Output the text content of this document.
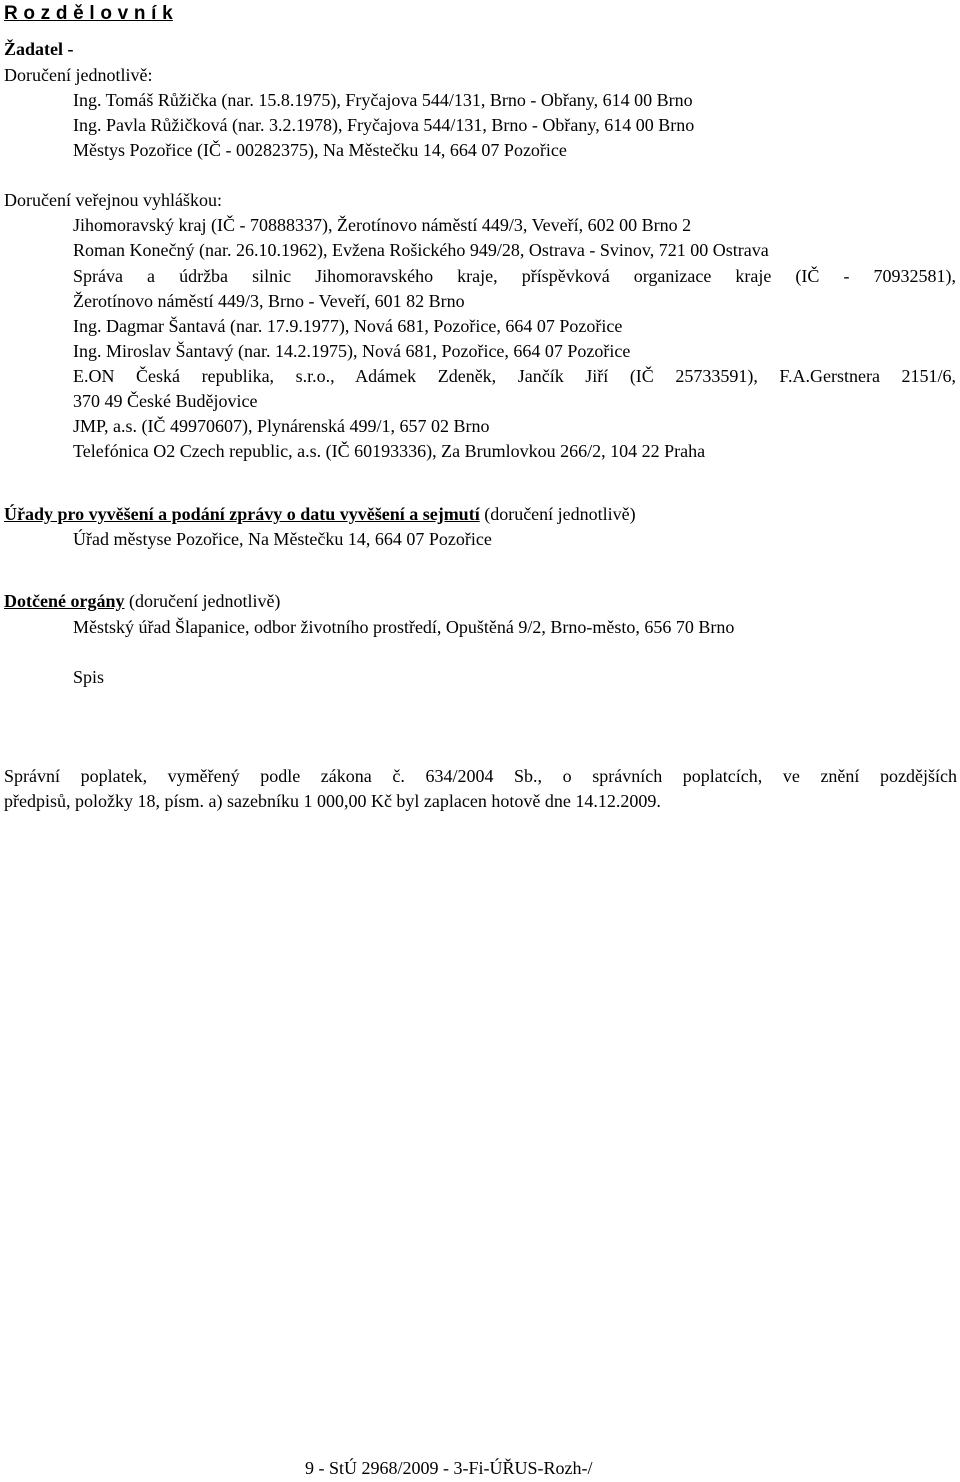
R o z d ě l o v n í k
Žadatel -
Doručení jednotlivě:
Ing. Tomáš Růžička (nar. 15.8.1975), Fryčajova 544/131, Brno - Obřany, 614 00 Brno
Ing. Pavla Růžičková (nar. 3.2.1978), Fryčajova 544/131, Brno - Obřany, 614 00 Brno
Městys Pozořice (IČ - 00282375), Na Městečku 14, 664 07 Pozořice
Doručení veřejnou vyhláškou:
Jihomoravský kraj (IČ - 70888337), Žerotínovo náměstí 449/3, Veveří, 602 00 Brno 2
Roman Konečný (nar. 26.10.1962), Evžena Rošického 949/28, Ostrava - Svinov, 721 00 Ostrava
Správa a údržba silnic Jihomoravského kraje, příspěvková organizace kraje (IČ - 70932581),
Žerotínovo náměstí 449/3, Brno - Veveří, 601 82 Brno
Ing. Dagmar Šantavá (nar. 17.9.1977), Nová 681, Pozořice, 664 07 Pozořice
Ing. Miroslav Šantavý (nar. 14.2.1975), Nová 681, Pozořice, 664 07 Pozořice
E.ON Česká republika, s.r.o., Adámek Zdeněk, Jančík Jiří (IČ 25733591), F.A.Gerstnera 2151/6,
370 49 České Budějovice
JMP, a.s. (IČ 49970607), Plynárenská 499/1, 657 02 Brno
Telefónica O2 Czech republic, a.s. (IČ 60193336), Za Brumlovkou 266/2, 104 22 Praha
Úřady pro vyvěšení a podání zprávy o datu vyvěšení a sejmutí (doručení jednotlivě)
Úřad městyse Pozořice, Na Městečku 14, 664 07 Pozořice
Dotčené orgány (doručení jednotlivě)
Městský úřad Šlapanice, odbor životního prostředí, Opuštěná 9/2, Brno-město, 656 70 Brno
Spis
Správní poplatek, vyměřený podle zákona č. 634/2004 Sb., o správních poplatcích, ve znění pozdějších
předpisů, položky 18, písm. a) sazebníku 1 000,00 Kč byl zaplacen hotově dne 14.12.2009.
9 - StÚ 2968/2009 - 3-Fi-ÚŘUS-Rozh-/
